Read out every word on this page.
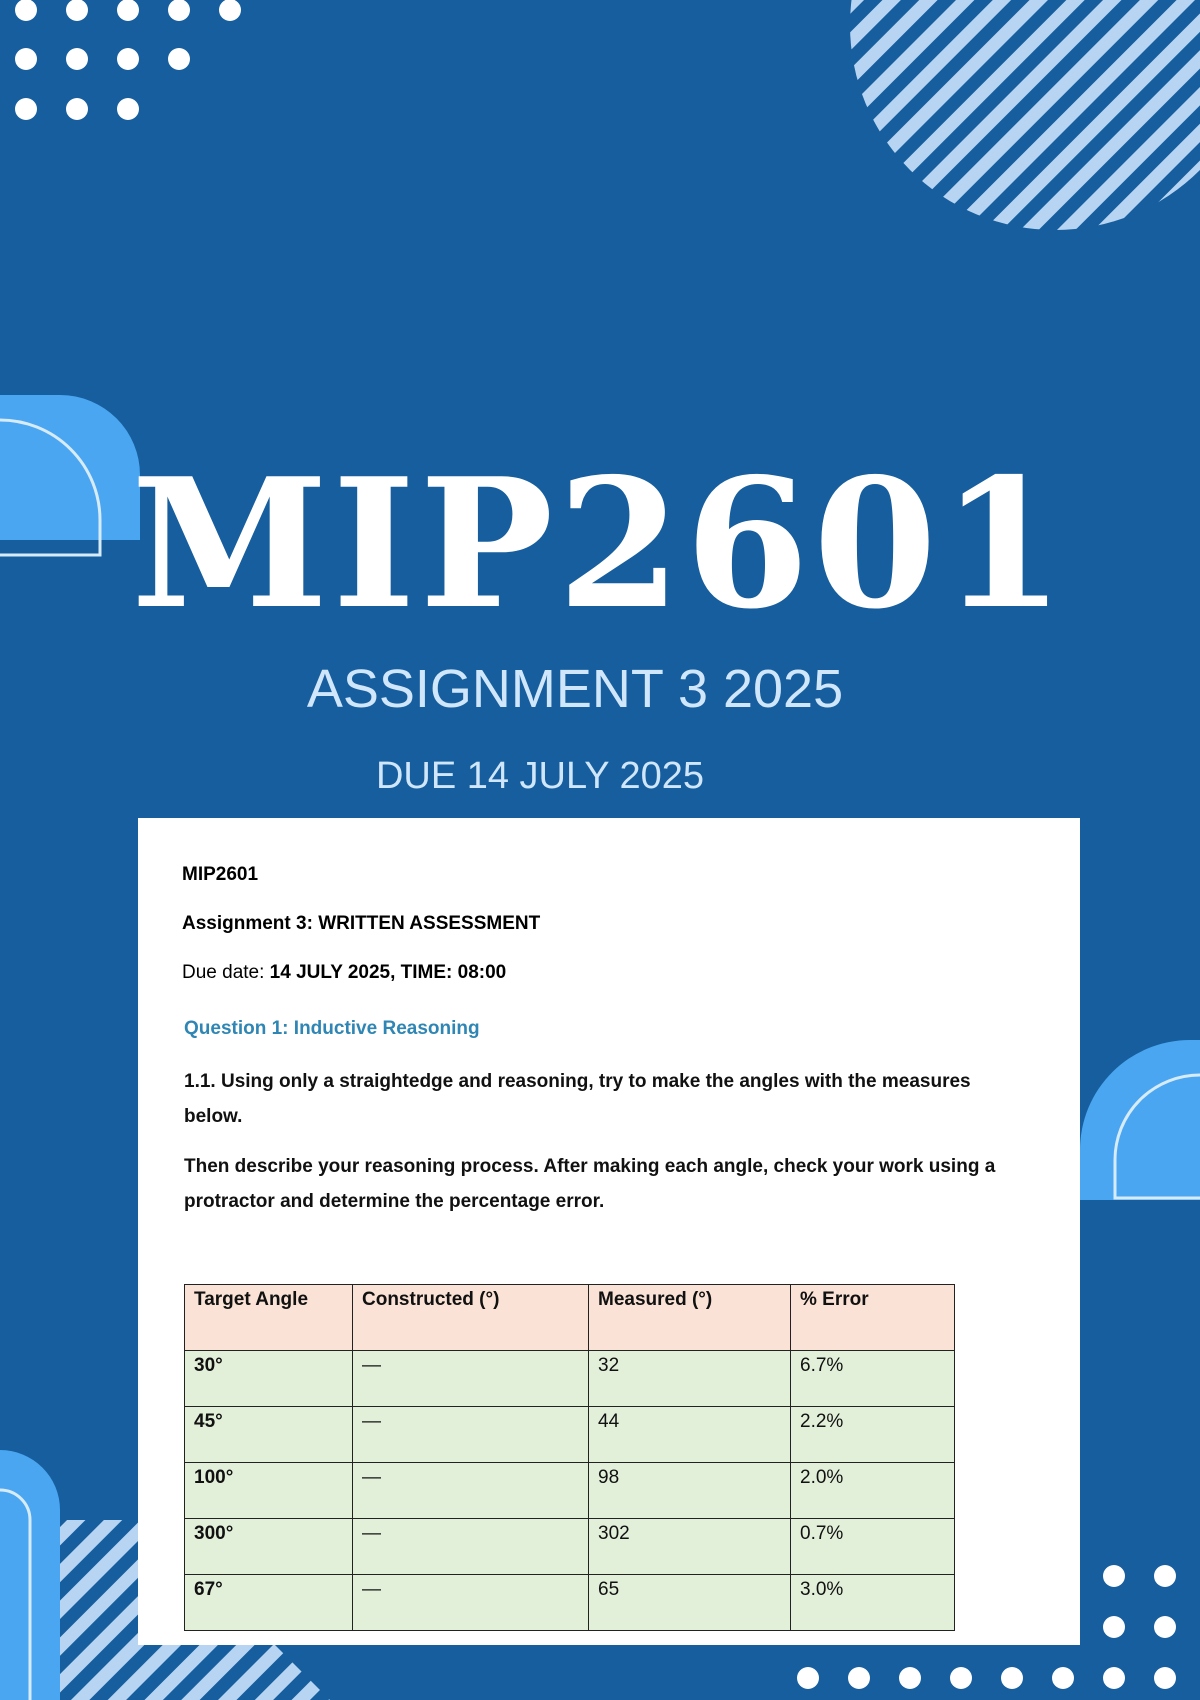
MIP2601
ASSIGNMENT 3 2025
DUE 14 JULY 2025
MIP2601
Assignment 3: WRITTEN ASSESSMENT
Due date: 14 JULY 2025, TIME: 08:00
Question 1: Inductive Reasoning
1.1. Using only a straightedge and reasoning, try to make the angles with the measures below.
Then describe your reasoning process. After making each angle, check your work using a protractor and determine the percentage error.
Target Angle	Constructed (°)	Measured (°)	% Error
30°	—	32	6.7%
45°	—	44	2.2%
100°	—	98	2.0%
300°	—	302	0.7%
67°	—	65	3.0%
